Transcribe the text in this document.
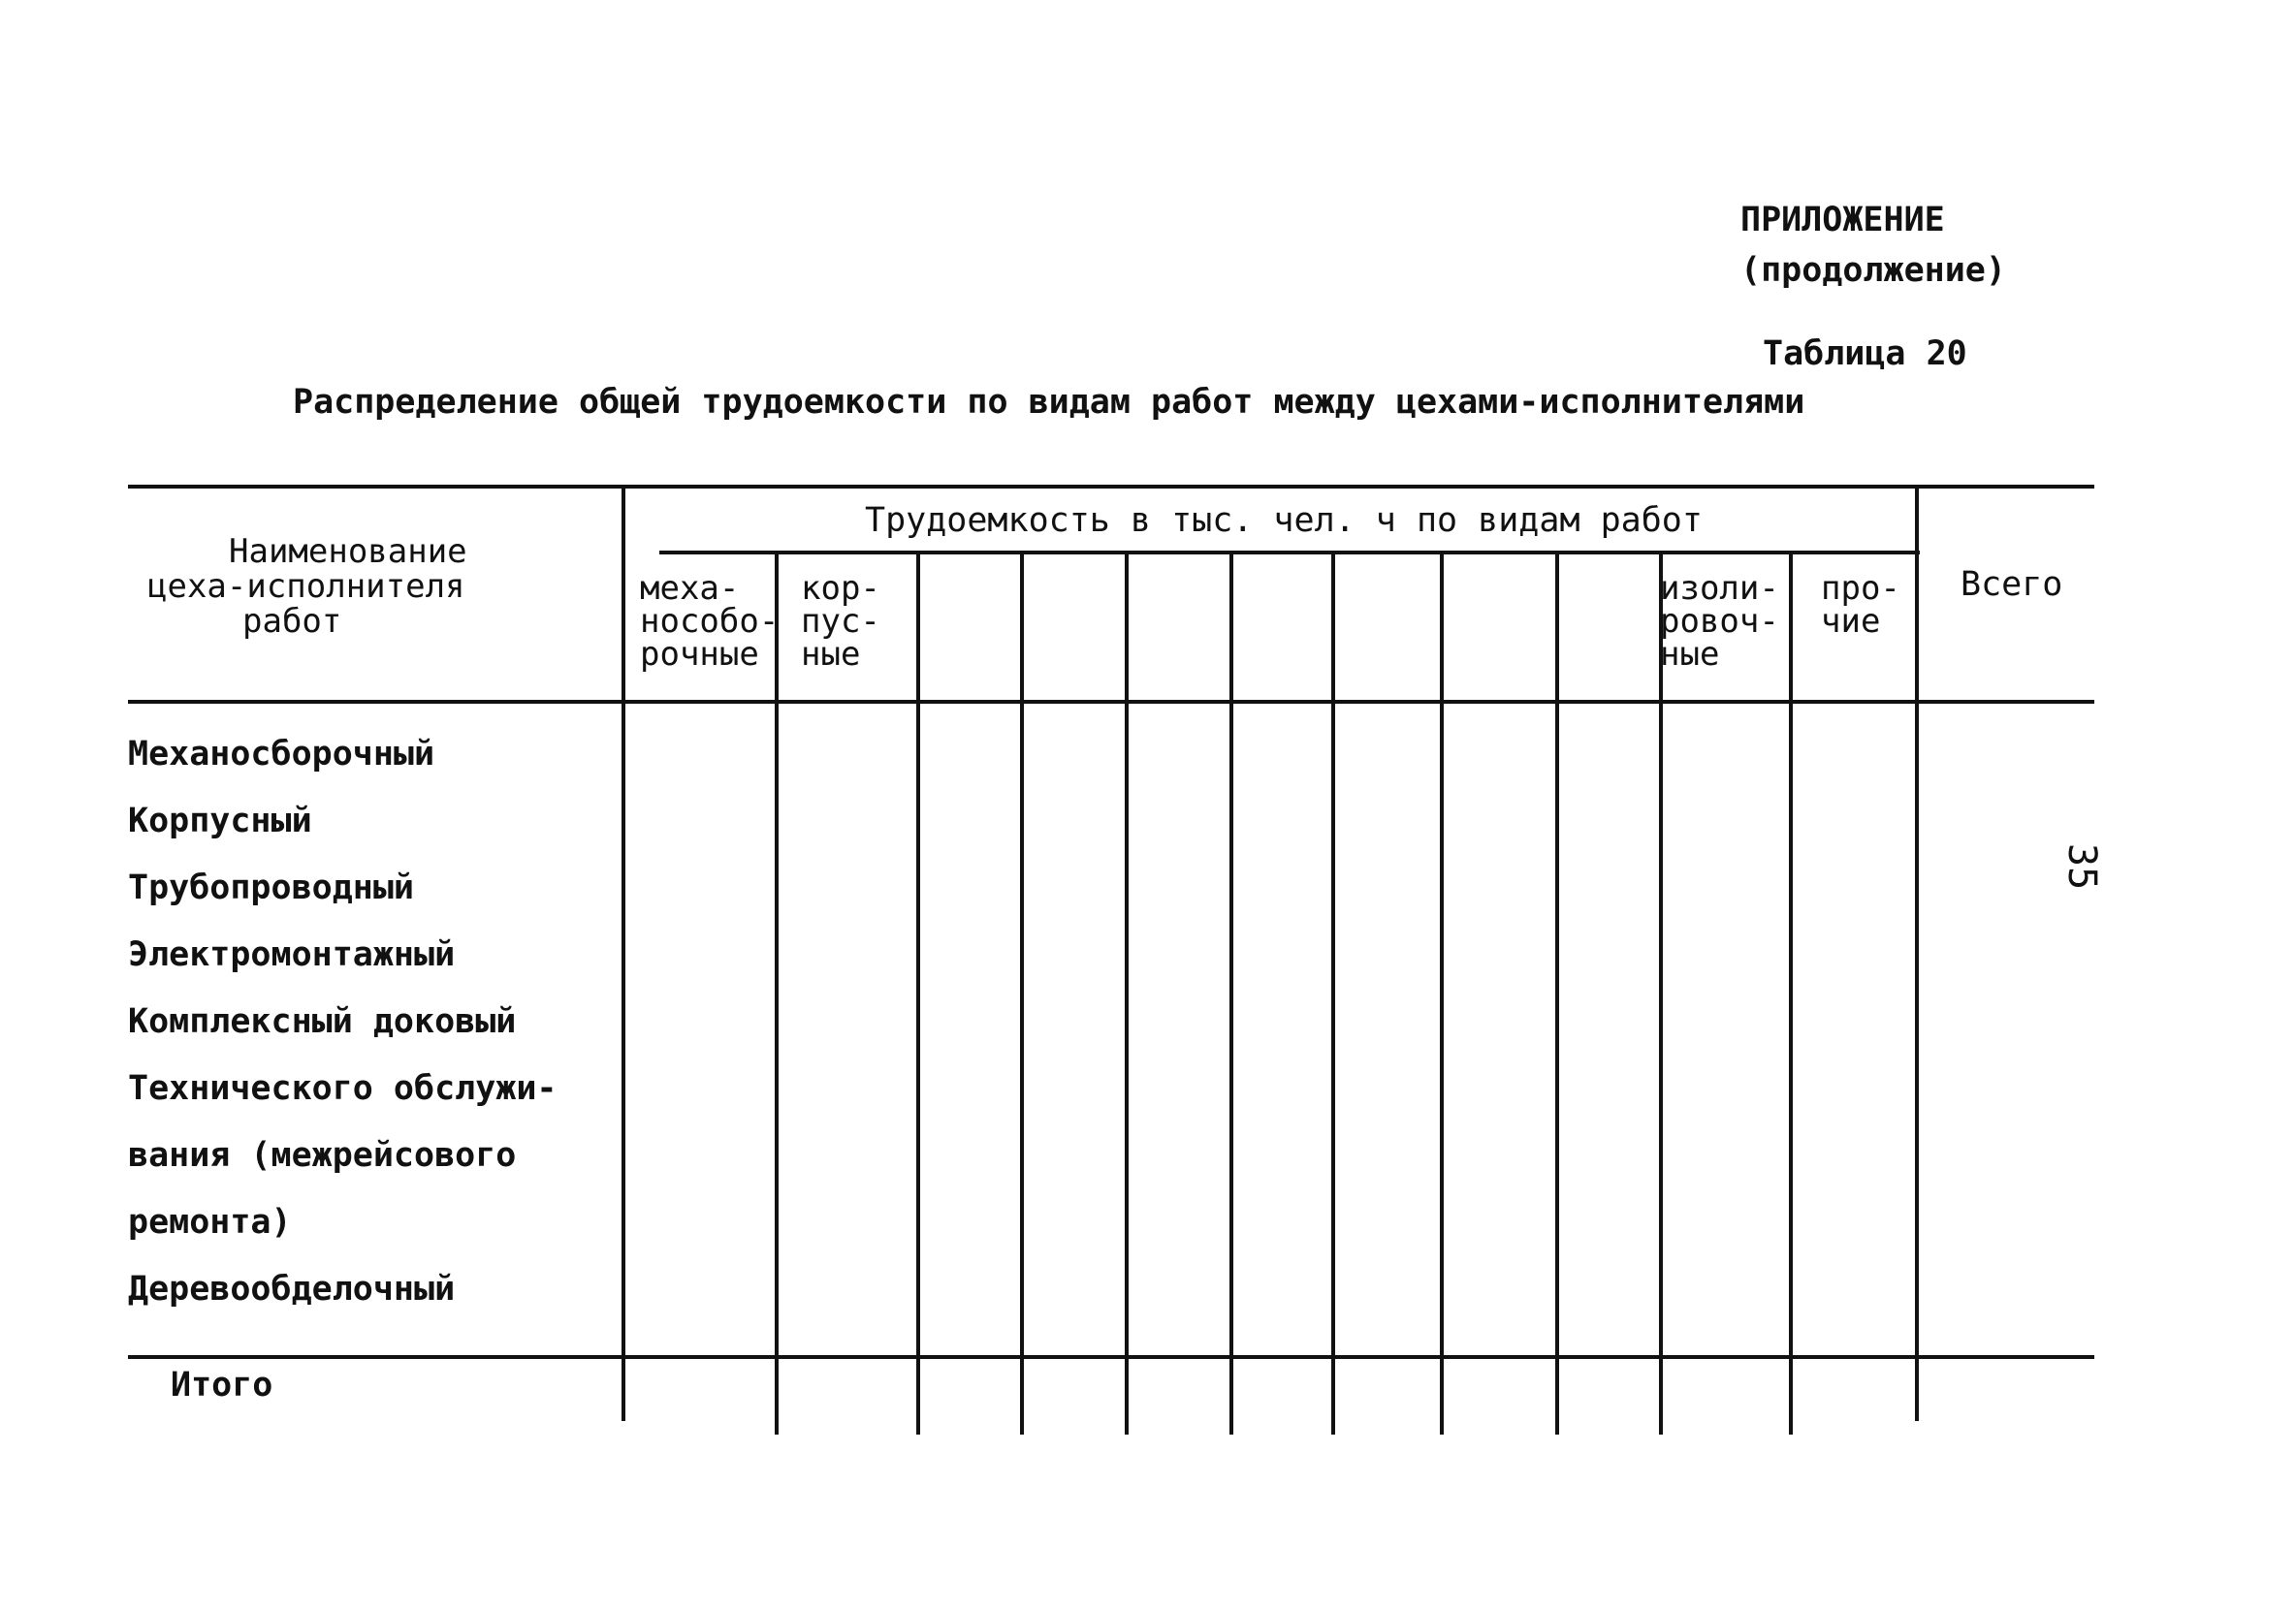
ПРИЛОЖЕНИЕ
(продолжение)
Таблица 20
Распределение общей трудоемкости по видам работ между цехами-исполнителями
Наименование
цеха-исполнителя
работ
Трудоемкость в тыс. чел. ч по видам работ
меха-
нособо-
рочные
кор-
пус-
ные
изоли-
ровоч-
ные
про-
чие
Всего
Механосборочный
Корпусный
Трубопроводный
Электромонтажный
Комплексный доковый
Технического обслужи-
вания (межрейсового
ремонта)
Деревообделочный
Итого
35
